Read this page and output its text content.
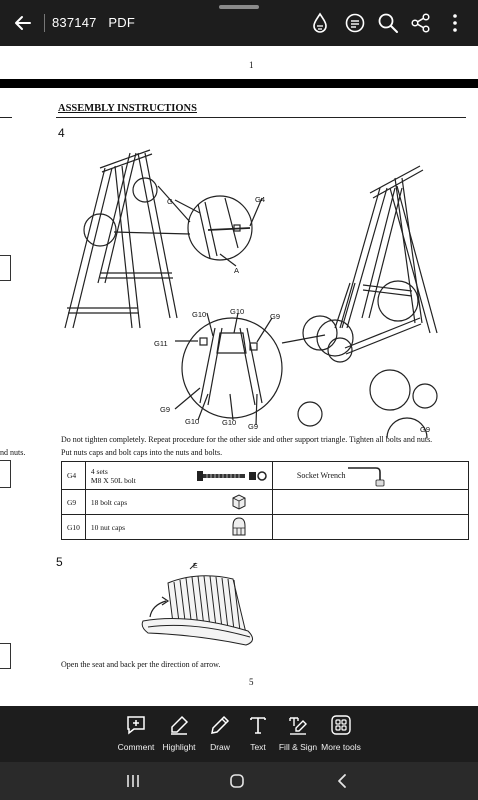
837147 PDF
1
ASSEMBLY INSTRUCTIONS
4
nd nuts.
G	G4
A
G10	G10
G9
G11
G9
G10	G10 G9	G9
Do not tighten completely. Repeat procedure for the other side and other support triangle. Tighten all bolts and nuts.
Put nuts caps and bolt caps into the nuts and bolts.
G4	4 sets
M8 X 50L bolt	Socket Wrench

G9	18 bolt caps	

G10	10 nut caps	

5	E
Open the seat and back per the direction of arrow.
5
Comment Highlight Draw Text Fill & Sign More tools
